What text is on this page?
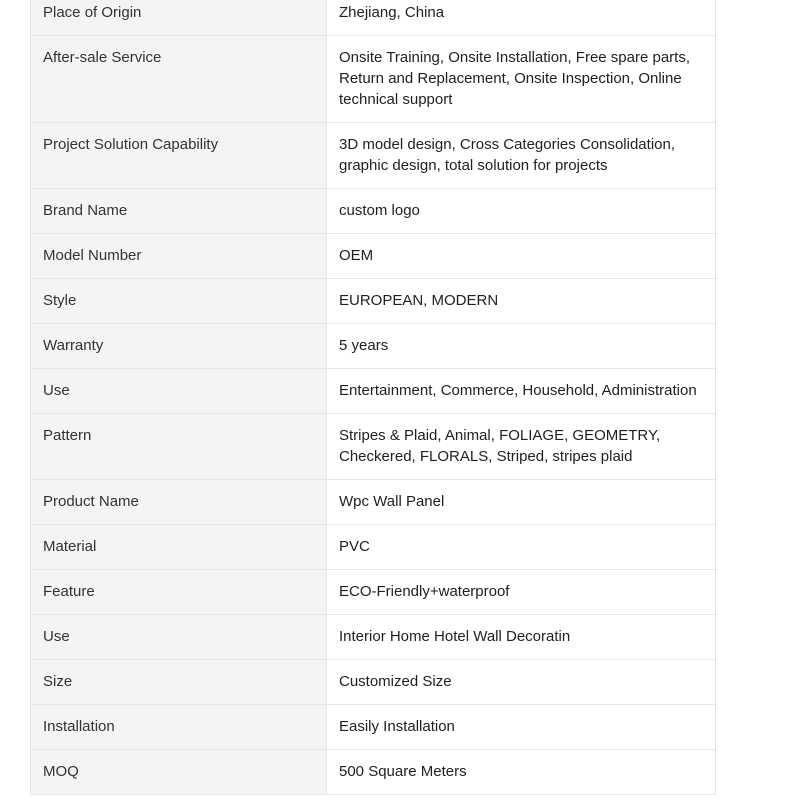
Place of Origin	Zhejiang, China
After-sale Service	Onsite Training, Onsite Installation, Free spare parts, Return and Replacement, Onsite Inspection, Online technical support
Project Solution Capability	3D model design, Cross Categories Consolidation, graphic design, total solution for projects
Brand Name	custom logo
Model Number	OEM
Style	EUROPEAN, MODERN
Warranty	5 years
Use	Entertainment, Commerce, Household, Administration
Pattern	Stripes & Plaid, Animal, FOLIAGE, GEOMETRY, Checkered, FLORALS, Striped, stripes plaid
Product Name	Wpc Wall Panel
Material	PVC
Feature	ECO-Friendly+waterproof
Use	Interior Home Hotel Wall Decoratin
Size	Customized Size
Installation	Easily Installation
MOQ	500 Square Meters
